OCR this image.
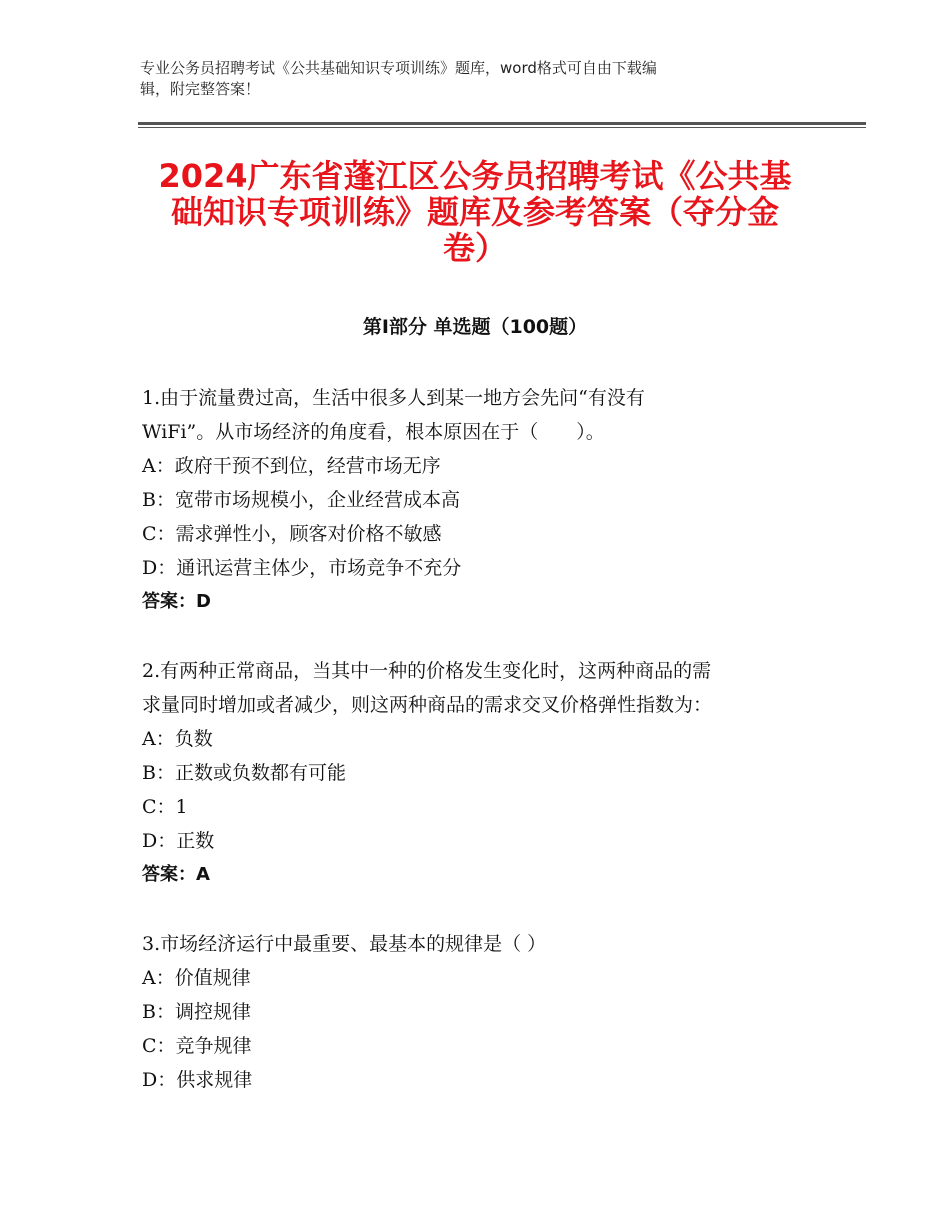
专业公务员招聘考试《公共基础知识专项训练》题库，word格式可自由下载编
辑，附完整答案！
2024广东省蓬江区公务员招聘考试《公共基
础知识专项训练》题库及参考答案（夺分金
卷）
第Ⅰ部分 单选题（100题）
1.由于流量费过高，生活中很多人到某一地方会先问“有没有
WiFi”。从市场经济的角度看，根本原因在于（　　）。
A：政府干预不到位，经营市场无序
B：宽带市场规模小，企业经营成本高
C：需求弹性小，顾客对价格不敏感
D：通讯运营主体少，市场竞争不充分
答案：D
2.有两种正常商品，当其中一种的价格发生变化时，这两种商品的需
求量同时增加或者减少，则这两种商品的需求交叉价格弹性指数为：
A：负数
B：正数或负数都有可能
C：1
D：正数
答案：A
3.市场经济运行中最重要、最基本的规律是（ ）
A：价值规律
B：调控规律
C：竞争规律
D：供求规律
